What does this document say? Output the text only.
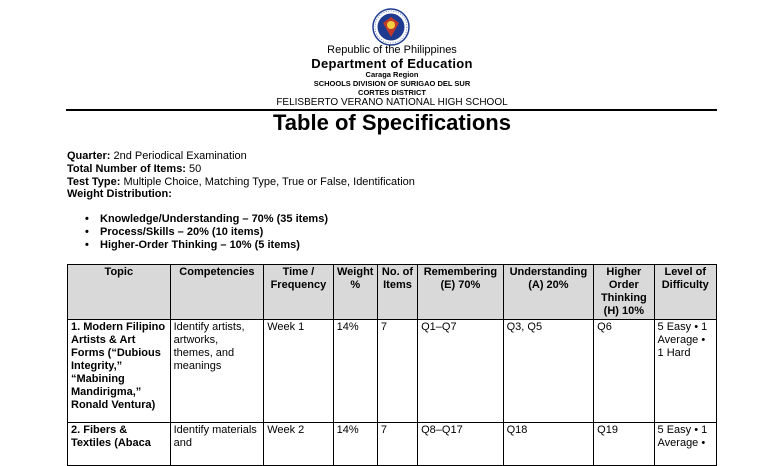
Republic of the Philippines
Department of Education
Caraga Region
SCHOOLS DIVISION OF SURIGAO DEL SUR
CORTES DISTRICT
FELISBERTO VERANO NATIONAL HIGH SCHOOL
Table of Specifications
Quarter: 2nd Periodical Examination
Total Number of Items: 50
Test Type: Multiple Choice, Matching Type, True or False, Identification
Weight Distribution:
• Knowledge/Understanding – 70% (35 items)
• Process/Skills – 20% (10 items)
• Higher-Order Thinking – 10% (5 items)
Topic	Competencies	Time / Frequency	Weight %	No. of Items	Remembering (E) 70%	Understanding (A) 20%	Higher Order Thinking (H) 10%	Level of Difficulty
1. Modern Filipino Artists & Art Forms (“Dubious Integrity,” “Mabining Mandirigma,” Ronald Ventura)	Identify artists, artworks, themes, and meanings	Week 1	14%	7	Q1–Q7	Q3, Q5	Q6	5 Easy • 1 Average • 1 Hard
2. Fibers & Textiles (Abaca	Identify materials and	Week 2	14%	7	Q8–Q17	Q18	Q19	5 Easy • 1 Average •
